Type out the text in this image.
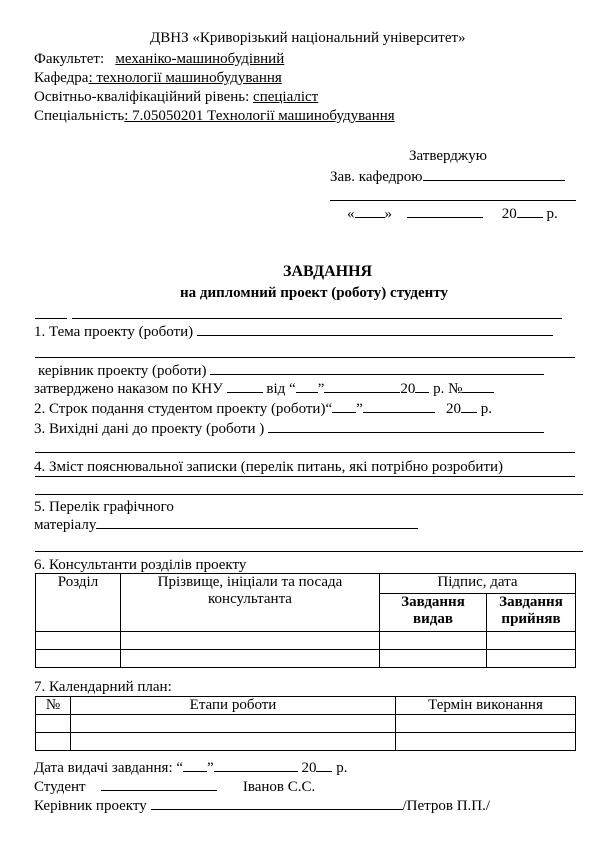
ДВНЗ «Криворізький національний університет»
Факультет: механіко-машинобудівний
Кафедра: технології машинобудування
Освітньо-кваліфікаційний рівень: спеціаліст
Спеціальність: 7.05050201 Технології машинобудування
Затверджую
Зав. кафедрою
« »	20 р.
ЗАВДАННЯ
на дипломний проект (роботу) студенту
1. Тема проекту (роботи)
керівник проекту (роботи)
затверджено наказом по КНУ	від “ ”	20 р. №
2. Строк подання студентом проекту (роботи)“ ”	20 р.
3. Вихідні дані до проекту (роботи )
4. Зміст пояснювальної записки (перелік питань, які потрібно розробити)
5. Перелік графічного
матеріалу
6. Консультанти розділів проекту
Розділ	Прізвище, ініціали та посада консультанта	Підпис, дата	
		Завдання видав	Завдання прийняв

7. Календарний план:
№	Етапи роботи	Термін виконання

Дата видачі завдання: “ ”	20 р.
Студент	Іванов С.С.
Керівник проекту	/Петров П.П./
